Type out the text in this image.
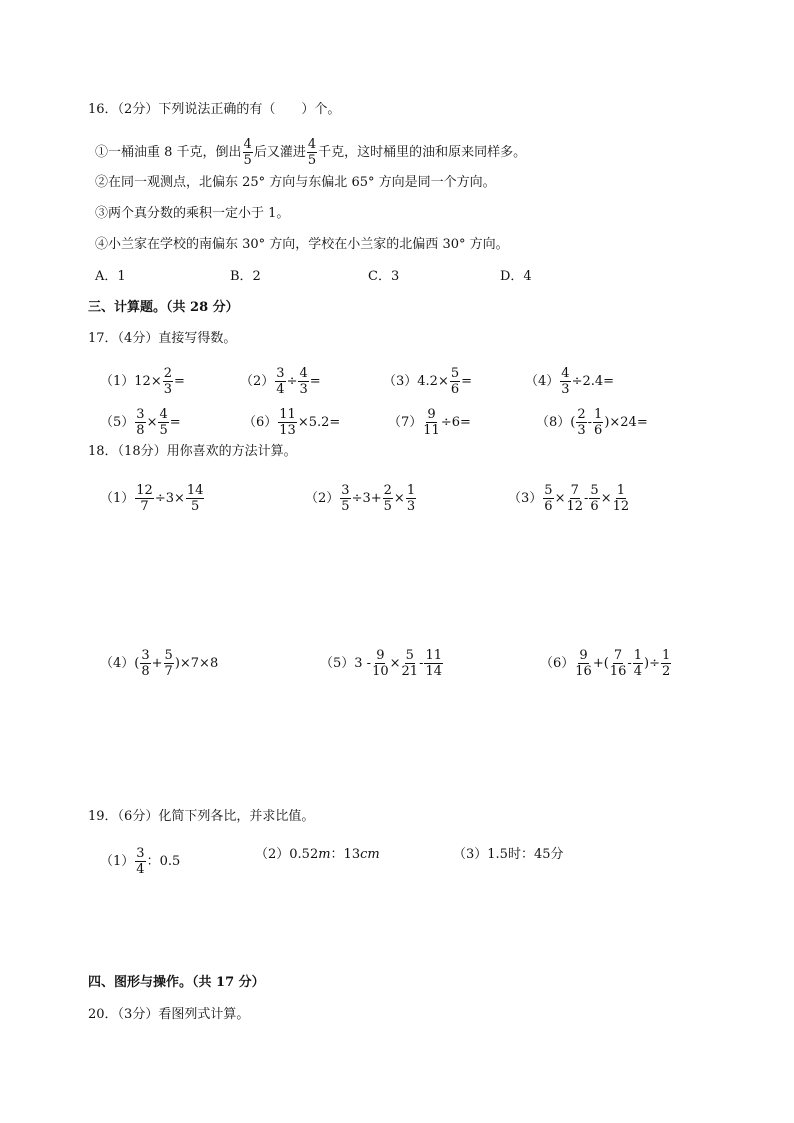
16．（2分）下列说法正确的有（　　）个。
①一桶油重 8 千克，倒出 $\frac{4}{5}$ 后又灌进 $\frac{4}{5}$ 千克，这时桶里的油和原来同样多。
②在同一观测点，北偏东 25° 方向与东偏北 65° 方向是同一个方向。
③两个真分数的乘积一定小于 1。
④小兰家在学校的南偏东 30° 方向，学校在小兰家的北偏西 30° 方向。
A．1	B．2	C．3	D．4
三、计算题。（共 28 分）
17．（4分）直接写得数。
$(1)12\times \frac{2}{3}$ =	$(2) \frac{3}{4} \div \frac{4}{3}$ =	$(3)4.2\times \frac{5}{6}$ =	$(4) \frac{4}{3} \div 2.4=$
$(5) \frac{3}{8} \times \frac{4}{5}$ =	$(6) \frac{11}{13} \times 5.2=$	$(7) \frac{9}{11} \div 6=$	$(8)( \frac{2}{3} - \frac{1}{6} )\times 24=$
18．（18分）用你喜欢的方法计算。
$(1) \frac{12}{7} \div 3\times \frac{14}{5}$	$(2) \frac{3}{5} \div 3+ \frac{2}{5} \times \frac{1}{3}$	$(3) \frac{5}{6} \times \frac{7}{12} - \frac{5}{6} \times \frac{1}{12}$
$(4)( \frac{3}{8} + \frac{5}{7} )\times 7\times 8$	$(5)3 - \frac{9}{10} \times \frac{5}{21} - \frac{11}{14}$	$(6) \frac{9}{16}$ +( $\frac{7}{16} - \frac{1}{4}$ )÷ $\frac{1}{2}$
19．（6分）化简下列各比，并求比值。
$(1) \frac{3}{4}$ ：0.5	（2）0.52 m ：13 cm	（3）1.5时：45分
四、图形与操作。（共 17 分）
20．（3分）看图列式计算。
